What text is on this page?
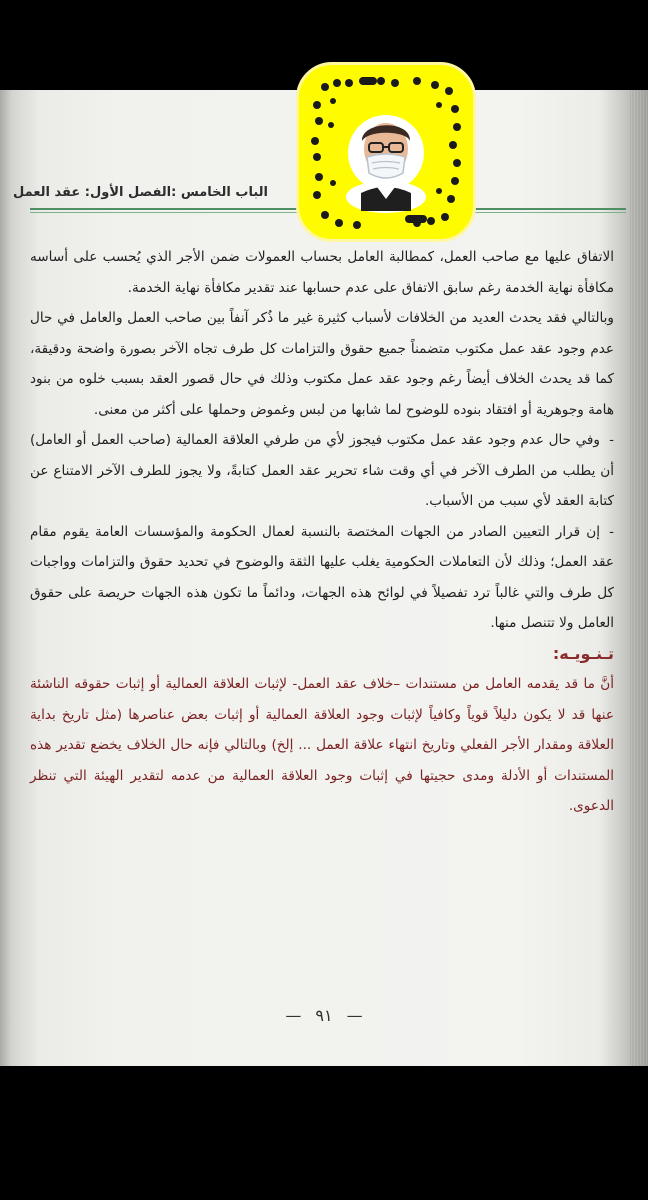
الباب الخامس :الفصل الأول: عقد العمل

الاتفاق عليها مع صاحب العمل، كمطالبة العامل بحساب العمولات ضمن الأجر الذي يُحسب على أساسه مكافأة نهاية الخدمة رغم سابق الاتفاق على عدم حسابها عند تقدير مكافأة نهاية الخدمة.

وبالتالي فقد يحدث العديد من الخلافات لأسباب كثيرة غير ما ذُكر آنفاً بين صاحب العمل والعامل في حال عدم وجود عقد عمل مكتوب متضمناً جميع حقوق والتزامات كل طرف تجاه الآخر بصورة واضحة ودقيقة، كما قد يحدث الخلاف أيضاً رغم وجود عقد عمل مكتوب وذلك في حال قصور العقد بسبب خلوه من بنود هامة وجوهرية أو افتقاد بنوده للوضوح لما شابها من لبس وغموض وحملها على أكثر من معنى.

-وفي حال عدم وجود عقد عمل مكتوب فيجوز لأي من طرفي العلاقة العمالية (صاحب العمل أو العامل) أن يطلب من الطرف الآخر في أي وقت شاء تحرير عقد العمل كتابةً، ولا يجوز للطرف الآخر الامتناع عن كتابة العقد لأي سبب من الأسباب.

-إن قرار التعيين الصادر من الجهات المختصة بالنسبة لعمال الحكومة والمؤسسات العامة يقوم مقام عقد العمل؛ وذلك لأن التعاملات الحكومية يغلب عليها الثقة والوضوح في تحديد حقوق والتزامات وواجبات كل طرف والتي غالباً ترد تفصيلاً في لوائح هذه الجهات، ودائماً ما تكون هذه الجهات حريصة على حقوق العامل ولا تتنصل منها.

تـنـويـه:

أنَّ ما قد يقدمه العامل من مستندات –خلاف عقد العمل- لإثبات العلاقة العمالية أو إثبات حقوقه الناشئة عنها قد لا يكون دليلاً قوياً وكافياً لإثبات وجود العلاقة العمالية أو إثبات بعض عناصرها (مثل تاريخ بداية العلاقة ومقدار الأجر الفعلي وتاريخ انتهاء علاقة العمل ... إلخ) وبالتالي فإنه حال الخلاف يخضع تقدير هذه المستندات أو الأدلة ومدى حجيتها في إثبات وجود العلاقة العمالية من عدمه لتقدير الهيئة التي تنظر الدعوى.

—٩١—
